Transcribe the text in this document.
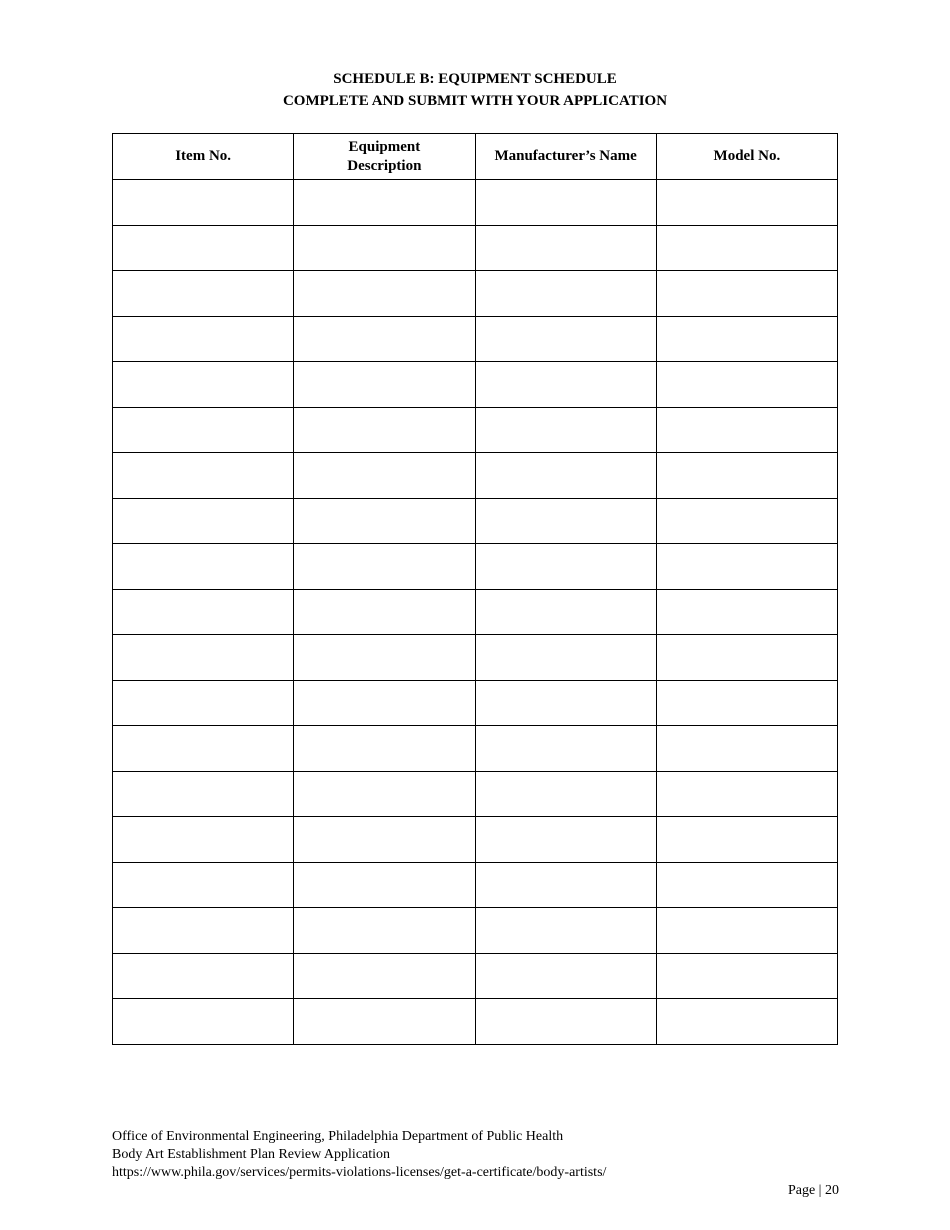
SCHEDULE B: EQUIPMENT SCHEDULE
COMPLETE AND SUBMIT WITH YOUR APPLICATION
Item No.	Equipment Description	Manufacturer’s Name	Model No.

Office of Environmental Engineering, Philadelphia Department of Public Health
Body Art Establishment Plan Review Application
https://www.phila.gov/services/permits-violations-licenses/get-a-certificate/body-artists/
Page | 20
